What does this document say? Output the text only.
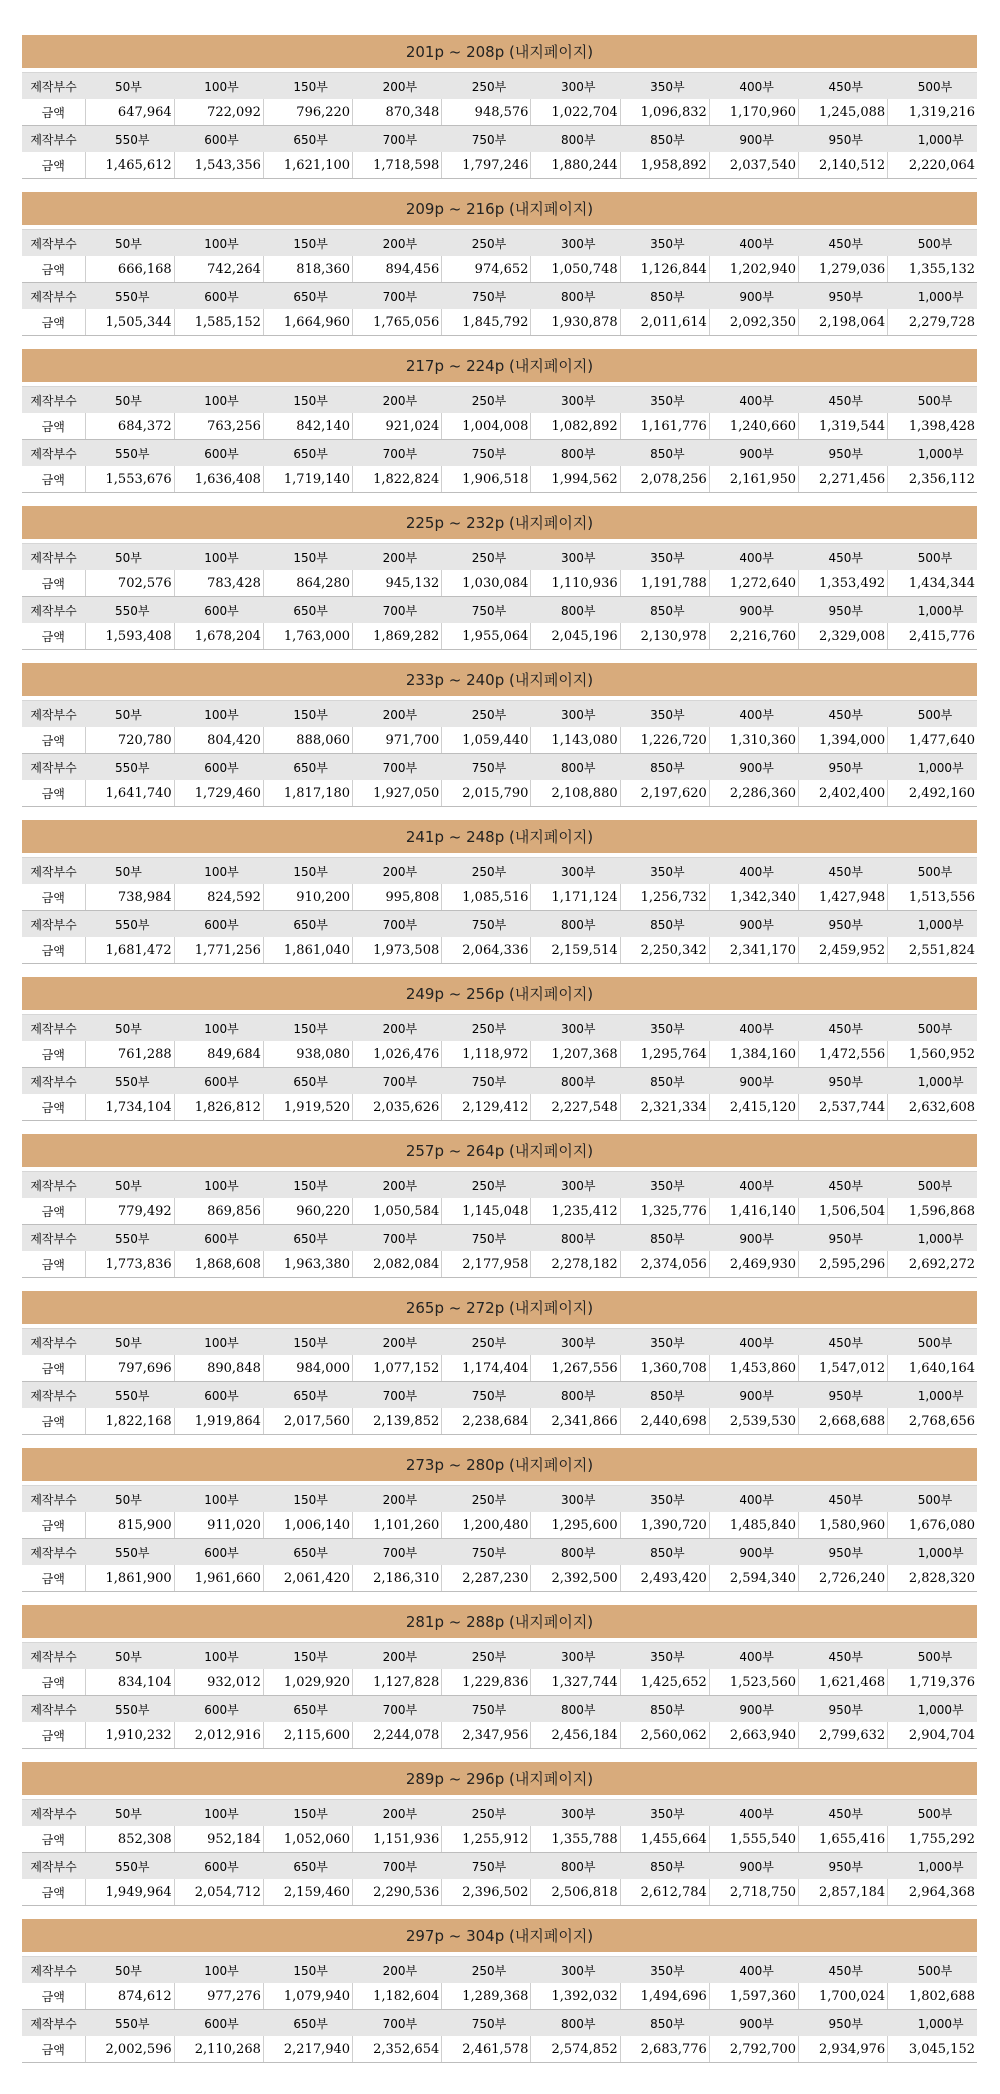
201p ~ 208p (내지페이지)
제작부수	50부	100부	150부	200부	250부	300부	350부	400부	450부	500부
금액	647,964	722,092	796,220	870,348	948,576	1,022,704	1,096,832	1,170,960	1,245,088	1,319,216
제작부수	550부	600부	650부	700부	750부	800부	850부	900부	950부	1,000부
금액	1,465,612	1,543,356	1,621,100	1,718,598	1,797,246	1,880,244	1,958,892	2,037,540	2,140,512	2,220,064
209p ~ 216p (내지페이지)
제작부수	50부	100부	150부	200부	250부	300부	350부	400부	450부	500부
금액	666,168	742,264	818,360	894,456	974,652	1,050,748	1,126,844	1,202,940	1,279,036	1,355,132
제작부수	550부	600부	650부	700부	750부	800부	850부	900부	950부	1,000부
금액	1,505,344	1,585,152	1,664,960	1,765,056	1,845,792	1,930,878	2,011,614	2,092,350	2,198,064	2,279,728
217p ~ 224p (내지페이지)
제작부수	50부	100부	150부	200부	250부	300부	350부	400부	450부	500부
금액	684,372	763,256	842,140	921,024	1,004,008	1,082,892	1,161,776	1,240,660	1,319,544	1,398,428
제작부수	550부	600부	650부	700부	750부	800부	850부	900부	950부	1,000부
금액	1,553,676	1,636,408	1,719,140	1,822,824	1,906,518	1,994,562	2,078,256	2,161,950	2,271,456	2,356,112
225p ~ 232p (내지페이지)
제작부수	50부	100부	150부	200부	250부	300부	350부	400부	450부	500부
금액	702,576	783,428	864,280	945,132	1,030,084	1,110,936	1,191,788	1,272,640	1,353,492	1,434,344
제작부수	550부	600부	650부	700부	750부	800부	850부	900부	950부	1,000부
금액	1,593,408	1,678,204	1,763,000	1,869,282	1,955,064	2,045,196	2,130,978	2,216,760	2,329,008	2,415,776
233p ~ 240p (내지페이지)
제작부수	50부	100부	150부	200부	250부	300부	350부	400부	450부	500부
금액	720,780	804,420	888,060	971,700	1,059,440	1,143,080	1,226,720	1,310,360	1,394,000	1,477,640
제작부수	550부	600부	650부	700부	750부	800부	850부	900부	950부	1,000부
금액	1,641,740	1,729,460	1,817,180	1,927,050	2,015,790	2,108,880	2,197,620	2,286,360	2,402,400	2,492,160
241p ~ 248p (내지페이지)
제작부수	50부	100부	150부	200부	250부	300부	350부	400부	450부	500부
금액	738,984	824,592	910,200	995,808	1,085,516	1,171,124	1,256,732	1,342,340	1,427,948	1,513,556
제작부수	550부	600부	650부	700부	750부	800부	850부	900부	950부	1,000부
금액	1,681,472	1,771,256	1,861,040	1,973,508	2,064,336	2,159,514	2,250,342	2,341,170	2,459,952	2,551,824
249p ~ 256p (내지페이지)
제작부수	50부	100부	150부	200부	250부	300부	350부	400부	450부	500부
금액	761,288	849,684	938,080	1,026,476	1,118,972	1,207,368	1,295,764	1,384,160	1,472,556	1,560,952
제작부수	550부	600부	650부	700부	750부	800부	850부	900부	950부	1,000부
금액	1,734,104	1,826,812	1,919,520	2,035,626	2,129,412	2,227,548	2,321,334	2,415,120	2,537,744	2,632,608
257p ~ 264p (내지페이지)
제작부수	50부	100부	150부	200부	250부	300부	350부	400부	450부	500부
금액	779,492	869,856	960,220	1,050,584	1,145,048	1,235,412	1,325,776	1,416,140	1,506,504	1,596,868
제작부수	550부	600부	650부	700부	750부	800부	850부	900부	950부	1,000부
금액	1,773,836	1,868,608	1,963,380	2,082,084	2,177,958	2,278,182	2,374,056	2,469,930	2,595,296	2,692,272
265p ~ 272p (내지페이지)
제작부수	50부	100부	150부	200부	250부	300부	350부	400부	450부	500부
금액	797,696	890,848	984,000	1,077,152	1,174,404	1,267,556	1,360,708	1,453,860	1,547,012	1,640,164
제작부수	550부	600부	650부	700부	750부	800부	850부	900부	950부	1,000부
금액	1,822,168	1,919,864	2,017,560	2,139,852	2,238,684	2,341,866	2,440,698	2,539,530	2,668,688	2,768,656
273p ~ 280p (내지페이지)
제작부수	50부	100부	150부	200부	250부	300부	350부	400부	450부	500부
금액	815,900	911,020	1,006,140	1,101,260	1,200,480	1,295,600	1,390,720	1,485,840	1,580,960	1,676,080
제작부수	550부	600부	650부	700부	750부	800부	850부	900부	950부	1,000부
금액	1,861,900	1,961,660	2,061,420	2,186,310	2,287,230	2,392,500	2,493,420	2,594,340	2,726,240	2,828,320
281p ~ 288p (내지페이지)
제작부수	50부	100부	150부	200부	250부	300부	350부	400부	450부	500부
금액	834,104	932,012	1,029,920	1,127,828	1,229,836	1,327,744	1,425,652	1,523,560	1,621,468	1,719,376
제작부수	550부	600부	650부	700부	750부	800부	850부	900부	950부	1,000부
금액	1,910,232	2,012,916	2,115,600	2,244,078	2,347,956	2,456,184	2,560,062	2,663,940	2,799,632	2,904,704
289p ~ 296p (내지페이지)
제작부수	50부	100부	150부	200부	250부	300부	350부	400부	450부	500부
금액	852,308	952,184	1,052,060	1,151,936	1,255,912	1,355,788	1,455,664	1,555,540	1,655,416	1,755,292
제작부수	550부	600부	650부	700부	750부	800부	850부	900부	950부	1,000부
금액	1,949,964	2,054,712	2,159,460	2,290,536	2,396,502	2,506,818	2,612,784	2,718,750	2,857,184	2,964,368
297p ~ 304p (내지페이지)
제작부수	50부	100부	150부	200부	250부	300부	350부	400부	450부	500부
금액	874,612	977,276	1,079,940	1,182,604	1,289,368	1,392,032	1,494,696	1,597,360	1,700,024	1,802,688
제작부수	550부	600부	650부	700부	750부	800부	850부	900부	950부	1,000부
금액	2,002,596	2,110,268	2,217,940	2,352,654	2,461,578	2,574,852	2,683,776	2,792,700	2,934,976	3,045,152
